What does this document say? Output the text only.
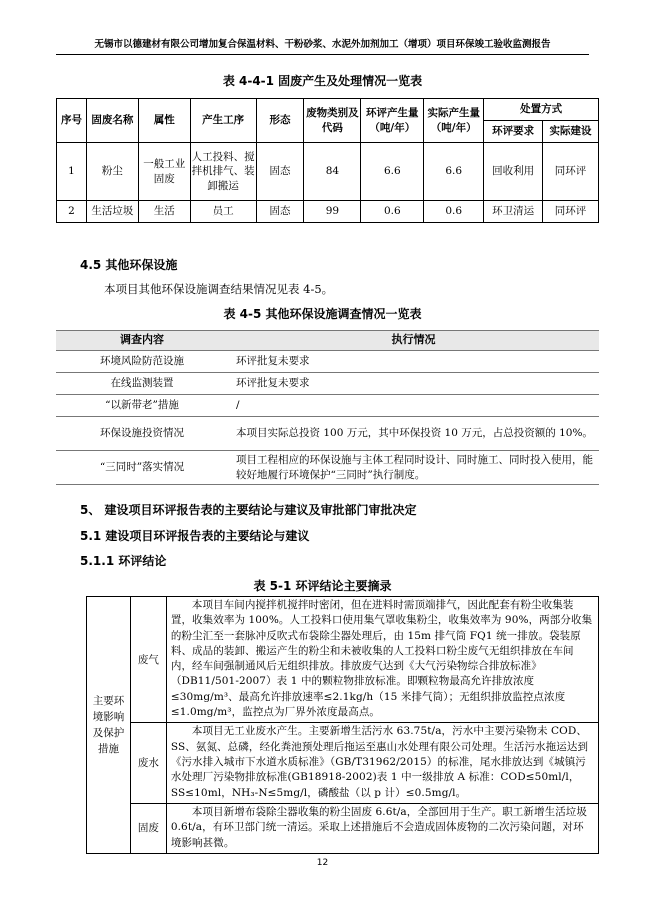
无锡市以德建材有限公司增加复合保温材料、干粉砂浆、水泥外加剂加工（增项）项目环保竣工验收监测报告
表 4-4-1 固废产生及处理情况一览表
序号	固废名称	属性	产生工序	形态	废物类别及代码	环评产生量（吨/年）	实际产生量（吨/年）	处置方式	
								环评要求	实际建设
1	粉尘	一般工业固废	人工投料、搅拌机排气、装卸搬运	固态	84	6.6	6.6	回收利用	同环评
2	生活垃圾	生活	员工	固态	99	0.6	0.6	环卫清运	同环评
4.5 其他环保设施
本项目其他环保设施调查结果情况见表 4-5。
表 4-5 其他环保设施调查情况一览表
调查内容	执行情况
环境风险防范设施	环评批复未要求
在线监测装置	环评批复未要求
“以新带老”措施	/
环保设施投资情况	本项目实际总投资 100 万元，其中环保投资 10 万元，占总投资额的 10%。
“三同时”落实情况	项目工程相应的环保设施与主体工程同时设计、同时施工、同时投入使用，能较好地履行环境保护“三同时”执行制度。
5、 建设项目环评报告表的主要结论与建议及审批部门审批决定
5.1 建设项目环评报告表的主要结论与建议
5.1.1 环评结论
表 5-1 环评结论主要摘录
主要环境影响及保护措施	废气	本项目车间内搅拌机搅拌时密闭，但在进料时需顶端排气，因此配套有粉尘收集装置，收集效率为 100%。人工投料口使用集气罩收集粉尘，收集效率为 90%，两部分收集的粉尘汇至一套脉冲反吹式布袋除尘器处理后，由 15m 排气筒 FQ1 统一排放。袋装原料、成品的装卸、搬运产生的粉尘和未被收集的人工投料口粉尘废气无组织排放在车间内，经车间强制通风后无组织排放。排放废气达到《大气污染物综合排放标准》（DB11/501-2007）表 1 中的颗粒物排放标准。即颗粒物最高允许排放浓度≤30mg/m³、最高允许排放速率≤2.1kg/h（15 米排气筒）；无组织排放监控点浓度≤1.0mg/m³，监控点为厂界外浓度最高点。
	废水	本项目无工业废水产生。主要新增生活污水 63.75t/a，污水中主要污染物未 COD、SS、氨氮、总磷，经化粪池预处理后拖运至惠山水处理有限公司处理。生活污水拖运达到《污水排入城市下水道水质标准》（GB/T31962/2015）的标准，尾水排放达到《城镇污水处理厂污染物排放标准(GB18918-2002)表 1 中一级排放 A 标准：COD≤50ml/l，SS≤10ml，NH₃-N≤5mg/l，磷酸盐（以 p 计）≤0.5mg/l。
	固废	本项目新增布袋除尘器收集的粉尘固废 6.6t/a，全部回用于生产。职工新增生活垃圾 0.6t/a，有环卫部门统一清运。采取上述措施后不会造成固体废物的二次污染问题，对环境影响甚微。
12
